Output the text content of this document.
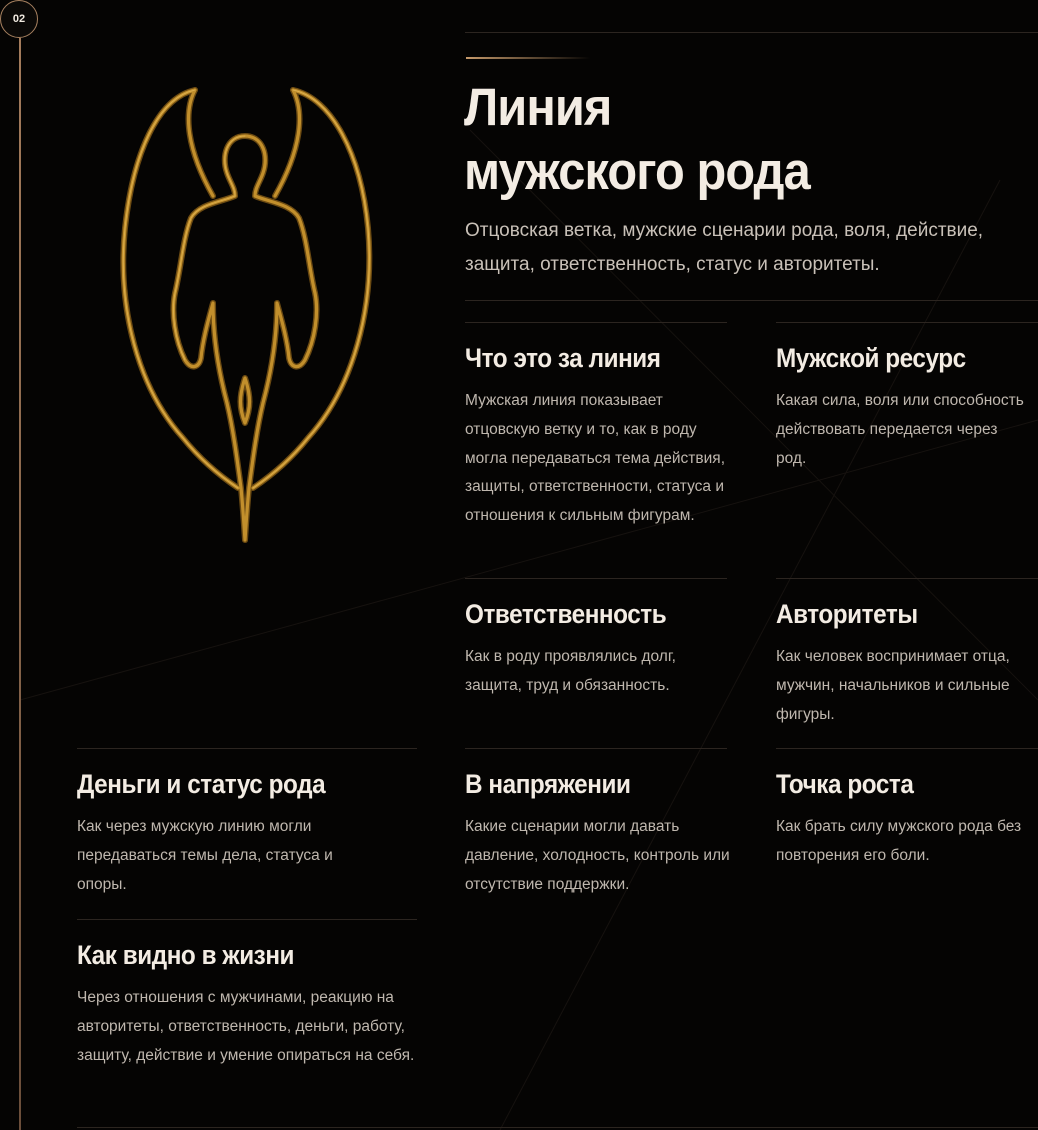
02
Линия
мужского рода

Отцовская ветка, мужские сценарии рода, воля, действие, защита, ответственность, статус и авторитеты.

Что это за линия

Мужская линия показывает отцовскую ветку и то, как в роду могла передаваться тема действия, защиты, ответственности, статуса и отношения к сильным фигурам.

Мужской ресурс

Какая сила, воля или способность действовать передается через род.

Ответственность

Как в роду проявлялись долг, защита, труд и обязанность.

Авторитеты

Как человек воспринимает отца, мужчин, начальников и сильные фигуры.

Деньги и статус рода

Как через мужскую линию могли передаваться темы дела, статуса и опоры.

В напряжении

Какие сценарии могли давать давление, холодность, контроль или отсутствие поддержки.

Точка роста

Как брать силу мужского рода без повторения его боли.

Как видно в жизни

Через отношения с мужчинами, реакцию на авторитеты, ответственность, деньги, работу, защиту, действие и умение опираться на себя.
